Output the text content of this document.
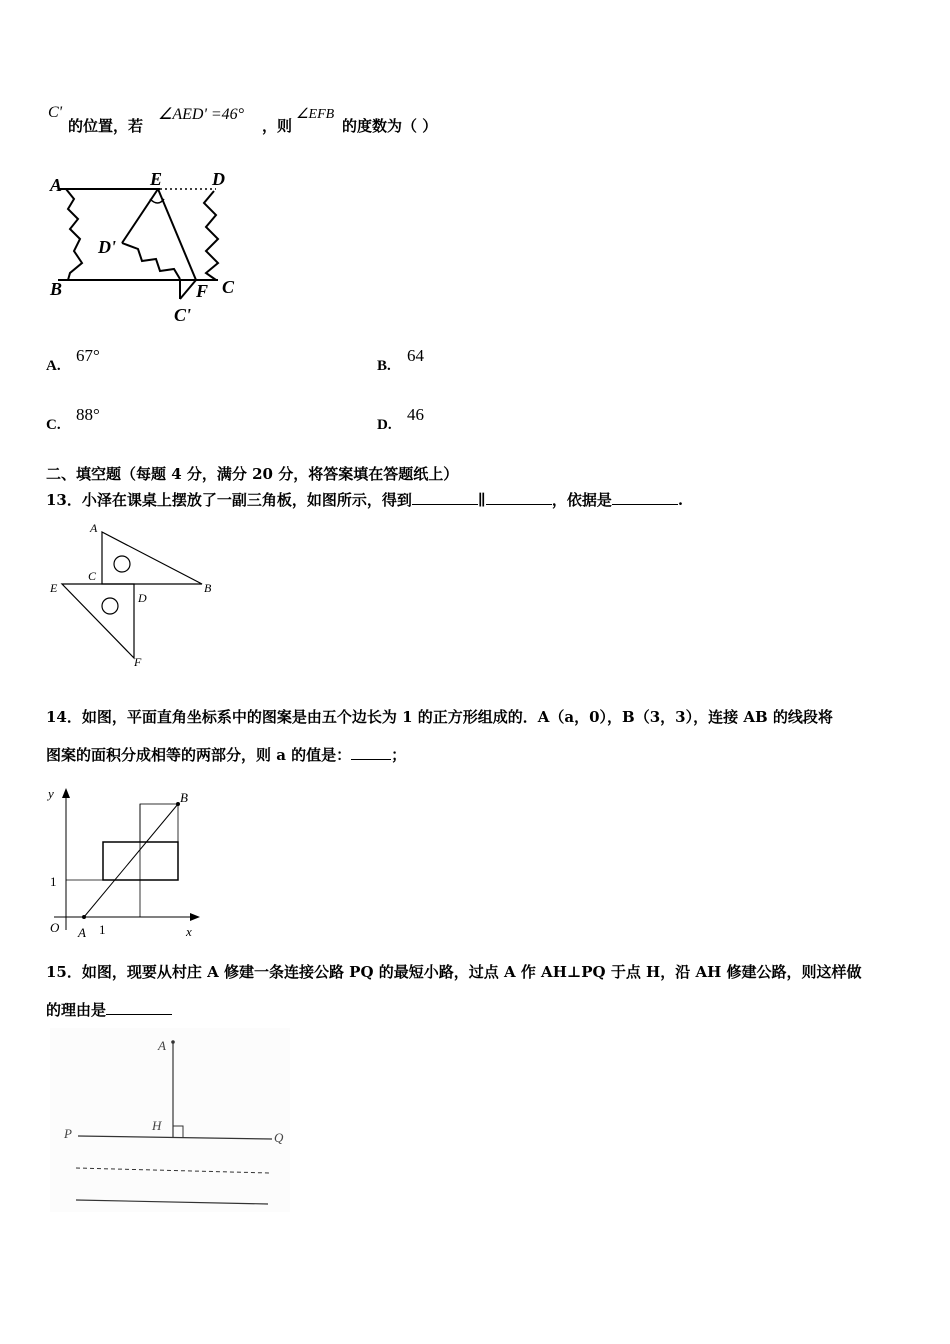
C'
的位置，若
∠AED' =46°
，则
∠EFB
的度数为（ ）
A	E	D
D'
B	F C
C'
A.
67°
B.
64
C.
88°
D.
46
二、填空题（每题 4 分，满分 20 分，将答案填在答题纸上）
13．小泽在课桌上摆放了一副三角板，如图所示，得到	∥	，依据是	.
A
B
C
D
E
F
14．如图，平面直角坐标系中的图案是由五个边长为 1 的正方形组成的．A（a，0），B（3，3），连接 AB 的线段将
图案的面积分成相等的两部分，则 a 的值是：	；
y	B
1
O A 1	x
15．如图，现要从村庄 A 修建一条连接公路 PQ 的最短小路，过点 A 作 AH⊥PQ 于点 H，沿 AH 修建公路，则这样做
的理由是
A
H
P	Q
